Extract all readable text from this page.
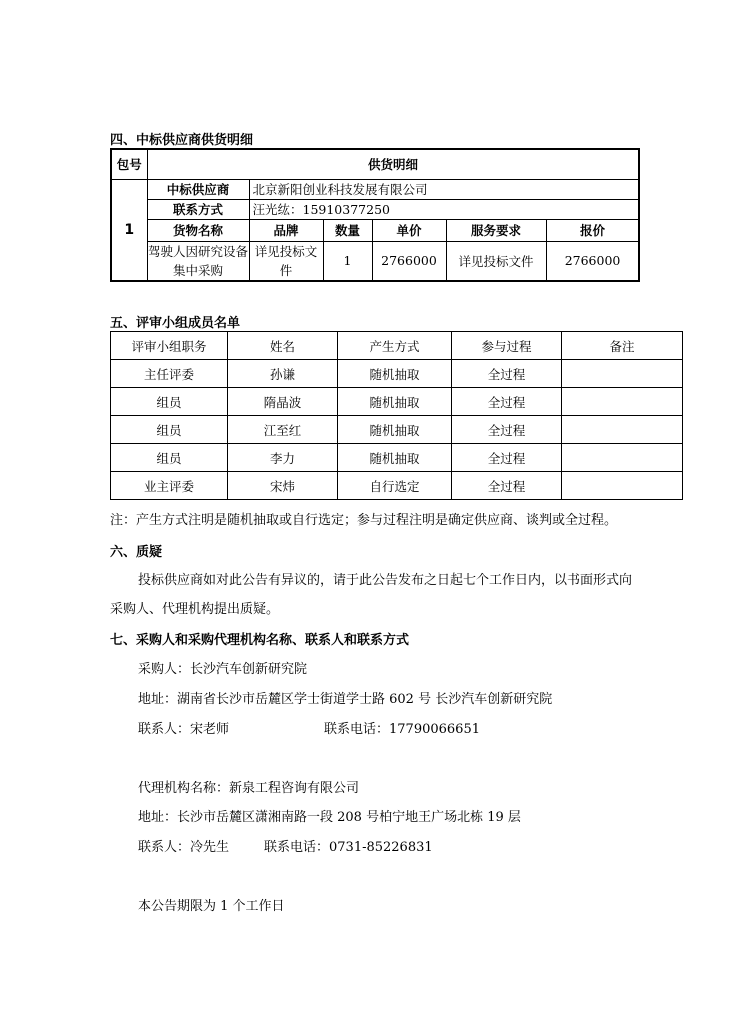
四、中标供应商供货明细
包号	供货明细						
1	中标供应商	北京新阳创业科技发展有限公司					
	联系方式	汪光纮：15910377250					
	货物名称	品牌	数量	单价	服务要求	报价	
	驾驶人因研究设备集中采购	详见投标文件	1	2766000	详见投标文件	2766000	
五、评审小组成员名单
评审小组职务	姓名	产生方式	参与过程	备注
主任评委	孙谦	随机抽取	全过程	
组员	隋晶波	随机抽取	全过程	
组员	江至红	随机抽取	全过程	
组员	李力	随机抽取	全过程	
业主评委	宋炜	自行选定	全过程	
注：产生方式注明是随机抽取或自行选定；参与过程注明是确定供应商、谈判或全过程。
六、质疑
投标供应商如对此公告有异议的，请于此公告发布之日起七个工作日内，以书面形式向
采购人、代理机构提出质疑。
七、采购人和采购代理机构名称、联系人和联系方式
采购人：长沙汽车创新研究院
地址：湖南省长沙市岳麓区学士街道学士路 602 号 长沙汽车创新研究院
联系人：宋老师	联系电话：17790066651
代理机构名称：新泉工程咨询有限公司
地址：长沙市岳麓区潇湘南路一段 208 号柏宁地王广场北栋 19 层
联系人：冷先生	联系电话：0731-85226831
本公告期限为 1 个工作日
